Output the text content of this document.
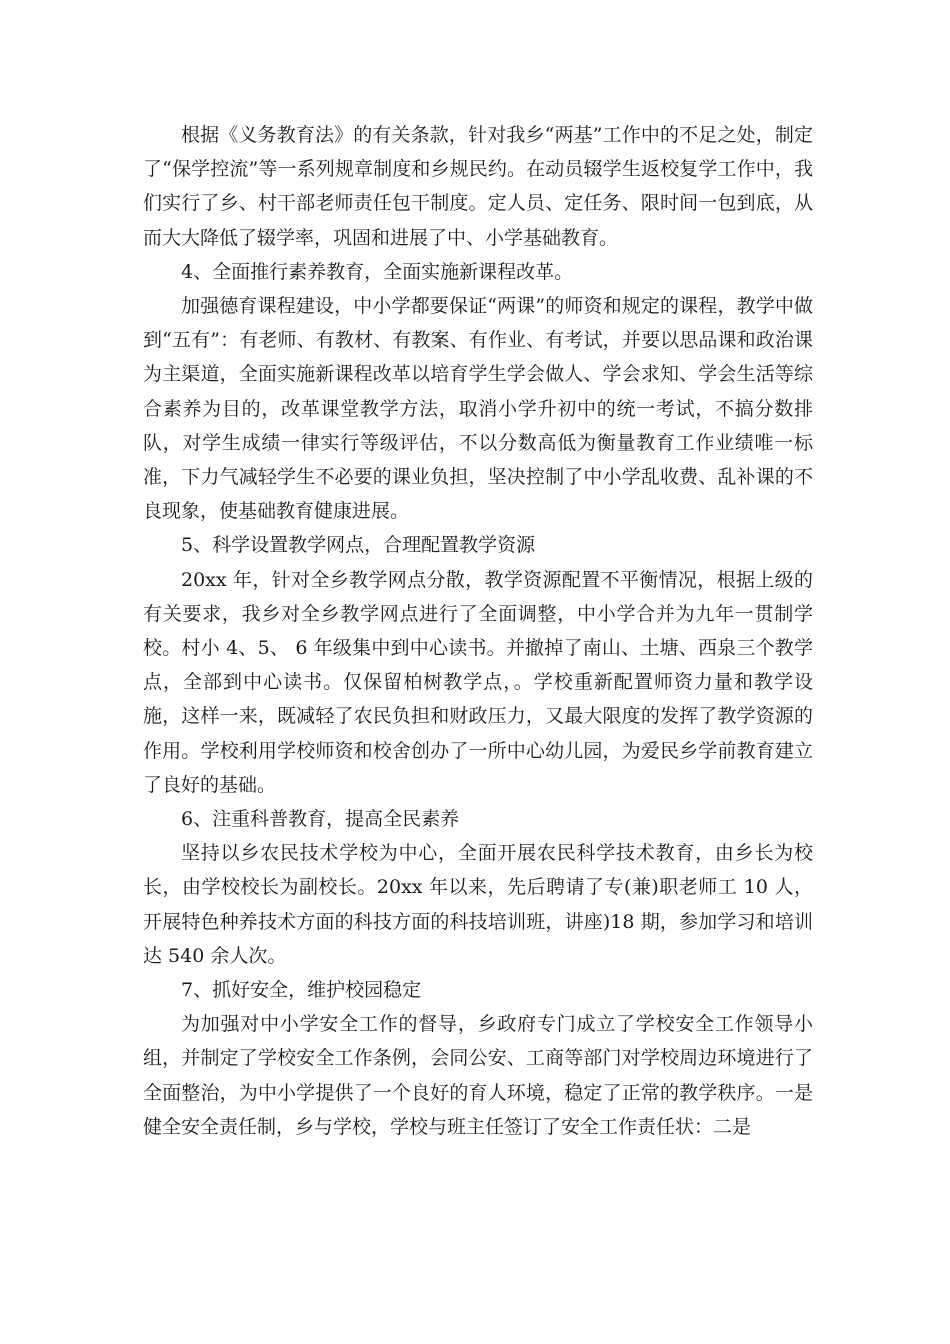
根据《义务教育法》的有关条款，针对我乡“两基”工作中的不足之处，制定了“保学控流”等一系列规章制度和乡规民约。在动员辍学生返校复学工作中，我们实行了乡、村干部老师责任包干制度。定人员、定任务、限时间一包到底，从而大大降低了辍学率，巩固和进展了中、小学基础教育。

4、全面推行素养教育，全面实施新课程改革。

加强德育课程建设，中小学都要保证“两课”的师资和规定的课程，教学中做到“五有”：有老师、有教材、有教案、有作业、有考试，并要以思品课和政治课为主渠道，全面实施新课程改革以培育学生学会做人、学会求知、学会生活等综合素养为目的，改革课堂教学方法，取消小学升初中的统一考试，不搞分数排队，对学生成绩一律实行等级评估，不以分数高低为衡量教育工作业绩唯一标准，下力气减轻学生不必要的课业负担，坚决控制了中小学乱收费、乱补课的不良现象，使基础教育健康进展。

5、科学设置教学网点，合理配置教学资源

20xx 年，针对全乡教学网点分散，教学资源配置不平衡情况，根据上级的有关要求，我乡对全乡教学网点进行了全面调整，中小学合并为九年一贯制学校。村小 4、5、 6 年级集中到中心读书。并撤掉了南山、土塘、西泉三个教学点，全部到中心读书。仅保留柏树教学点，。学校重新配置师资力量和教学设施，这样一来，既减轻了农民负担和财政压力，又最大限度的发挥了教学资源的作用。学校利用学校师资和校舍创办了一所中心幼儿园，为爱民乡学前教育建立了良好的基础。

6、注重科普教育，提高全民素养

坚持以乡农民技术学校为中心，全面开展农民科学技术教育，由乡长为校长，由学校校长为副校长。20xx 年以来，先后聘请了专(兼)职老师工 10 人，开展特色种养技术方面的科技方面的科技培训班，讲座)18 期，参加学习和培训达 540 余人次。

7、抓好安全，维护校园稳定

为加强对中小学安全工作的督导，乡政府专门成立了学校安全工作领导小组，并制定了学校安全工作条例，会同公安、工商等部门对学校周边环境进行了全面整治，为中小学提供了一个良好的育人环境，稳定了正常的教学秩序。一是健全安全责任制，乡与学校，学校与班主任签订了安全工作责任状：二是
